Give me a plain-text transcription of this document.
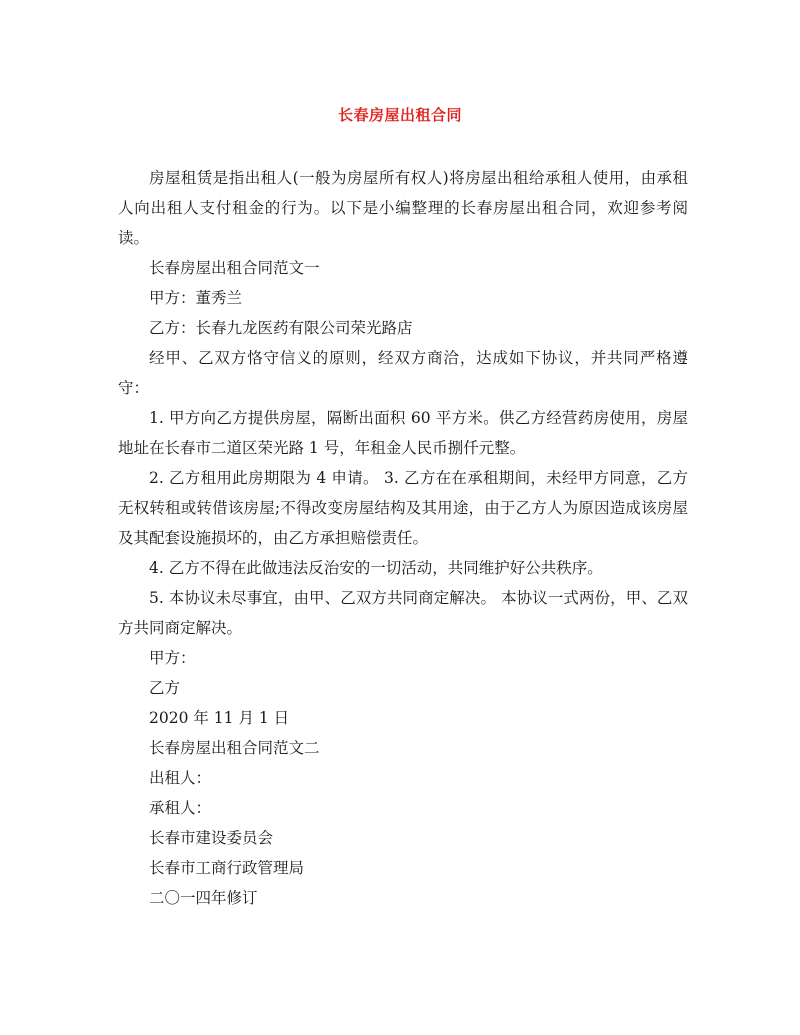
长春房屋出租合同

房屋租赁是指出租人(一般为房屋所有权人)将房屋出租给承租人使用，由承租人向出租人支付租金的行为。以下是小编整理的长春房屋出租合同，欢迎参考阅读。

长春房屋出租合同范文一

甲方：董秀兰

乙方：长春九龙医药有限公司荣光路店

经甲、乙双方恪守信义的原则，经双方商洽，达成如下协议，并共同严格遵守：

1. 甲方向乙方提供房屋，隔断出面积 60 平方米。供乙方经营药房使用，房屋地址在长春市二道区荣光路 1 号，年租金人民币捌仟元整。

2. 乙方租用此房期限为 4 申请。 3. 乙方在在承租期间，未经甲方同意，乙方无权转租或转借该房屋;不得改变房屋结构及其用途，由于乙方人为原因造成该房屋及其配套设施损坏的，由乙方承担赔偿责任。

4. 乙方不得在此做违法反治安的一切活动，共同维护好公共秩序。

5. 本协议未尽事宜，由甲、乙双方共同商定解决。 本协议一式两份，甲、乙双方共同商定解决。

甲方：

乙方

2020 年 11 月 1 日

长春房屋出租合同范文二

出租人：

承租人：

长春市建设委员会

长春市工商行政管理局

二〇一四年修订
